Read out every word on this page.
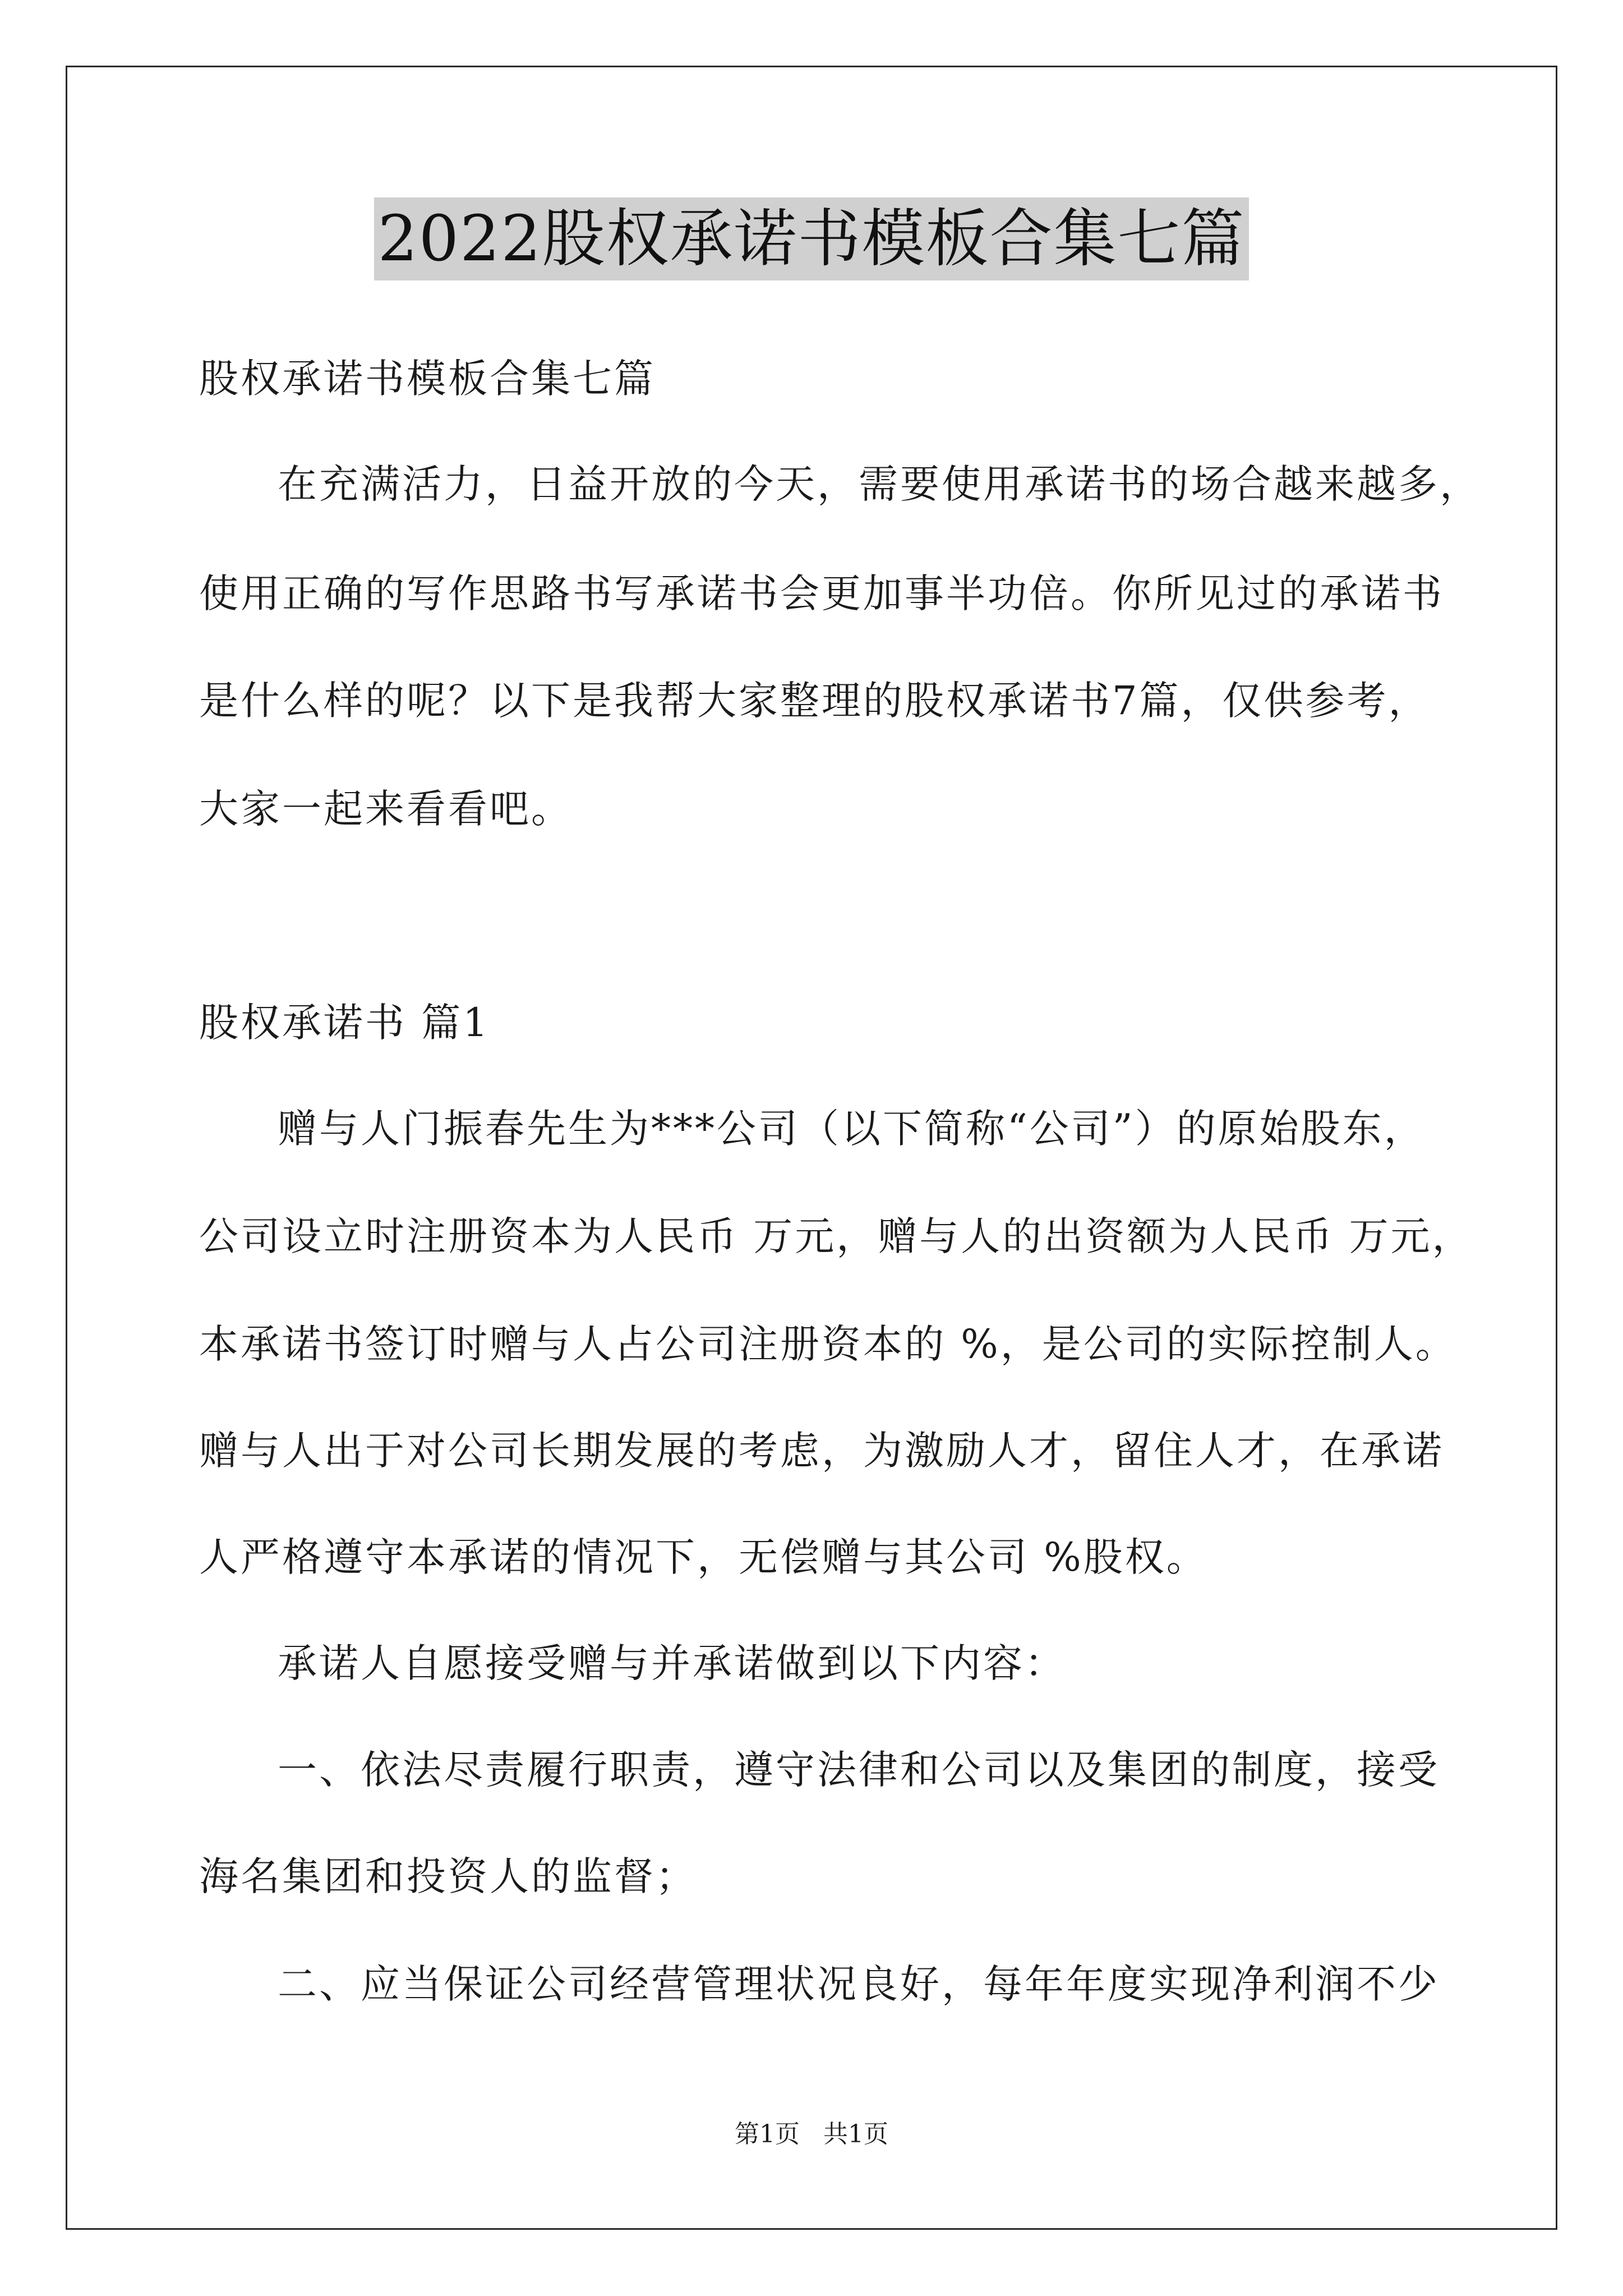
2022股权承诺书模板合集七篇
股权承诺书模板合集七篇
在充满活力，日益开放的今天，需要使用承诺书的场合越来越多，
使用正确的写作思路书写承诺书会更加事半功倍。你所见过的承诺书
是什么样的呢？以下是我帮大家整理的股权承诺书7篇，仅供参考，
大家一起来看看吧。
股权承诺书 篇1
赠与人门振春先生为***公司（以下简称“公司”）的原始股东，
公司设立时注册资本为人民币 万元，赠与人的出资额为人民币 万元，
本承诺书签订时赠与人占公司注册资本的 %，是公司的实际控制人。
赠与人出于对公司长期发展的考虑，为激励人才，留住人才，在承诺
人严格遵守本承诺的情况下，无偿赠与其公司 %股权。
承诺人自愿接受赠与并承诺做到以下内容：
一、依法尽责履行职责，遵守法律和公司以及集团的制度，接受
海名集团和投资人的监督；
二、应当保证公司经营管理状况良好，每年年度实现净利润不少
第1页   共1页
